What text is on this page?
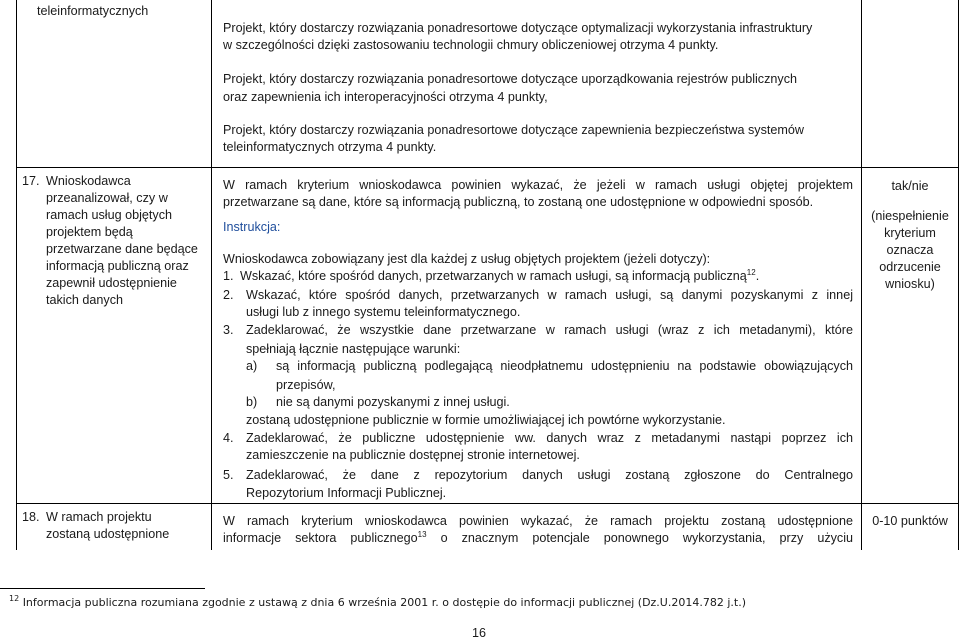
teleinformatycznych
Projekt, który dostarczy rozwiązania ponadresortowe dotyczące optymalizacji wykorzystania infrastruktury
w szczególności dzięki zastosowaniu technologii chmury obliczeniowej otrzyma 4 punkty.
Projekt, który dostarczy rozwiązania ponadresortowe dotyczące uporządkowania rejestrów publicznych
oraz zapewnienia ich interoperacyjności otrzyma 4 punkty,
Projekt, który dostarczy rozwiązania ponadresortowe dotyczące zapewnienia bezpieczeństwa systemów
teleinformatycznych otrzyma 4 punkty.
17. Wnioskodawca
przeanalizował, czy w
ramach usług objętych
projektem będą
przetwarzane dane będące
informacją publiczną oraz
zapewnił udostępnienie
takich danych
W ramach kryterium wnioskodawca powinien wykazać, że jeżeli w ramach usługi objętej projektem
przetwarzane są dane, które są informacją publiczną, to zostaną one udostępnione w odpowiedni sposób.
Instrukcja:
Wnioskodawca zobowiązany jest dla każdej z usług objętych projektem (jeżeli dotyczy):
1. Wskazać, które spośród danych, przetwarzanych w ramach usługi, są informacją publiczną$^{12}$.
2. Wskazać, które spośród danych, przetwarzanych w ramach usługi, są danymi pozyskanymi z innej
usługi lub z innego systemu teleinformatycznego.
3. Zadeklarować, że wszystkie dane przetwarzane w ramach usługi (wraz z ich metadanymi), które
spełniają łącznie następujące warunki:
a) są informacją publiczną podlegającą nieodpłatnemu udostępnieniu na podstawie obowiązujących
przepisów,
b) nie są danymi pozyskanymi z innej usługi.
zostaną udostępnione publicznie w formie umożliwiającej ich powtórne wykorzystanie.
4. Zadeklarować, że publiczne udostępnienie ww. danych wraz z metadanymi nastąpi poprzez ich
zamieszczenie na publicznie dostępnej stronie internetowej.
5. Zadeklarować, że dane z repozytorium danych usługi zostaną zgłoszone do Centralnego
Repozytorium Informacji Publicznej.
tak/nie
(niespełnienie
kryterium
oznacza
odrzucenie
wniosku)
18. W ramach projektu
zostaną udostępnione
W ramach kryterium wnioskodawca powinien wykazać, że ramach projektu zostaną udostępnione
informacje sektora publicznego$^{13}$ o znacznym potencjale ponownego wykorzystania, przy użyciu
0-10 punktów
$^{12}$ Informacja publiczna rozumiana zgodnie z ustawą z dnia 6 września 2001 r. o dostępie do informacji publicznej (Dz.U.2014.782 j.t.)
16
